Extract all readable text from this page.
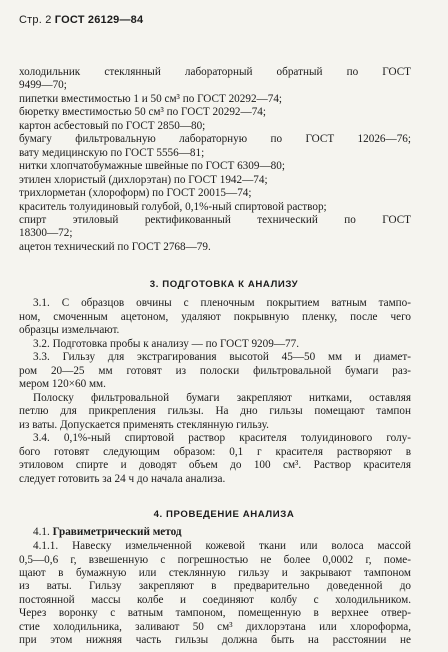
Стр. 2 ГОСТ 26129—84
холодильник стеклянный лабораторный обратный по ГОСТ
9499—70;
пипетки вместимостью 1 и 50 см³ по ГОСТ 20292—74;
бюретку вместимостью 50 см³ по ГОСТ 20292—74;
картон асбестовый по ГОСТ 2850—80;
бумагу фильтровальную лабораторную по ГОСТ 12026—76;
вату медицинскую по ГОСТ 5556—81;
нитки хлопчатобумажные швейные по ГОСТ 6309—80;
этилен хлористый (дихлорэтан) по ГОСТ 1942—74;
трихлорметан (хлороформ) по ГОСТ 20015—74;
краситель толуидиновый голубой, 0,1%-ный спиртовой раствор;
спирт этиловый ректификованный технический по ГОСТ
18300—72;
ацетон технический по ГОСТ 2768—79.
3. ПОДГОТОВКА К АНАЛИЗУ
3.1. С образцов овчины с пленочным покрытием ватным тампо-
ном, смоченным ацетоном, удаляют покрывную пленку, после чего
образцы измельчают.
3.2. Подготовка пробы к анализу — по ГОСТ 9209—77.
3.3. Гильзу для экстрагирования высотой 45—50 мм и диамет-
ром 20—25 мм готовят из полоски фильтровальной бумаги раз-
мером 120×60 мм.
Полоску фильтровальной бумаги закрепляют нитками, оставляя
петлю для прикрепления гильзы. На дно гильзы помещают тампон
из ваты. Допускается применять стеклянную гильзу.
3.4. 0,1%-ный спиртовой раствор красителя толуидинового голу-
бого готовят следующим образом: 0,1 г красителя растворяют в
этиловом спирте и доводят объем до 100 см³. Раствор красителя
следует готовить за 24 ч до начала анализа.
4. ПРОВЕДЕНИЕ АНАЛИЗА
4.1. Гравиметрический метод
4.1.1. Навеску измельченной кожевой ткани или волоса массой
0,5—0,6 г, взвешенную с погрешностью не более 0,0002 г, поме-
щают в бумажную или стеклянную гильзу и закрывают тампоном
из ваты. Гильзу закрепляют в предварительно доведенной до
постоянной массы колбе и соединяют колбу с холодильником.
Через воронку с ватным тампоном, помещенную в верхнее отвер-
стие холодильника, заливают 50 см³ дихлорэтана или хлороформа,
при этом нижняя часть гильзы должна быть на расстоянии не
